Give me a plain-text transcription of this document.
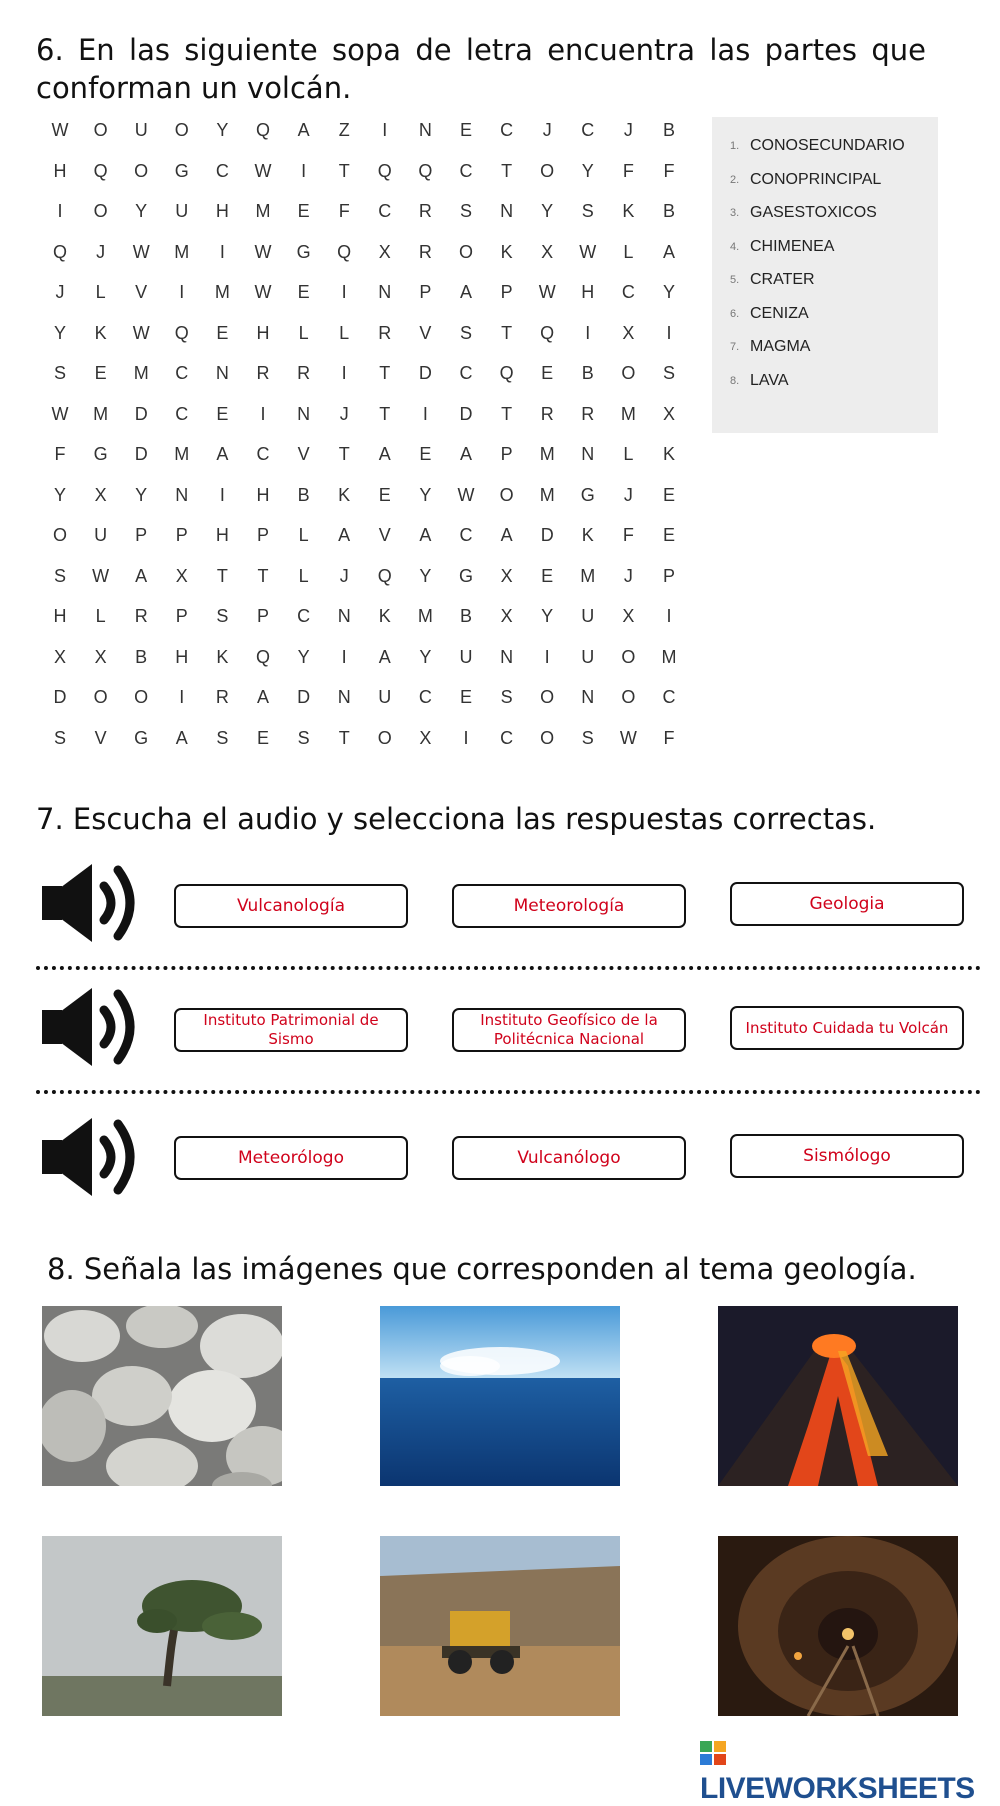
6. En las siguiente sopa de letra encuentra las partes que conforman un volcán.
W	O	U	O	Y	Q	A	Z	I	N	E	C	J	C	J	B
H	Q	O	G	C	W	I	T	Q	Q	C	T	O	Y	F	F
I	O	Y	U	H	M	E	F	C	R	S	N	Y	S	K	B
Q	J	W	M	I	W	G	Q	X	R	O	K	X	W	L	A
J	L	V	I	M	W	E	I	N	P	A	P	W	H	C	Y
Y	K	W	Q	E	H	L	L	R	V	S	T	Q	I	X	I
S	E	M	C	N	R	R	I	T	D	C	Q	E	B	O	S
W	M	D	C	E	I	N	J	T	I	D	T	R	R	M	X
F	G	D	M	A	C	V	T	A	E	A	P	M	N	L	K
Y	X	Y	N	I	H	B	K	E	Y	W	O	M	G	J	E
O	U	P	P	H	P	L	A	V	A	C	A	D	K	F	E
S	W	A	X	T	T	L	J	Q	Y	G	X	E	M	J	P
H	L	R	P	S	P	C	N	K	M	B	X	Y	U	X	I
X	X	B	H	K	Q	Y	I	A	Y	U	N	I	U	O	M
D	O	O	I	R	A	D	N	U	C	E	S	O	N	O	C
S	V	G	A	S	E	S	T	O	X	I	C	O	S	W	F
1. CONOSECUNDARIO
2. CONOPRINCIPAL
3. GASESTOXICOS
4. CHIMENEA
5. CRATER
6. CENIZA
7. MAGMA
8. LAVA
7. Escucha el audio y selecciona las respuestas correctas.
Vulcanología	Meteorología	Geologia
Instituto Patrimonial de Sismo
Instituto Geofísico de la Politécnica Nacional
Instituto Cuidada tu Volcán
Meteorólogo	Vulcanólogo	Sismólogo
8. Señala las imágenes que corresponden al tema geología.
LIVEWORKSHEETS
